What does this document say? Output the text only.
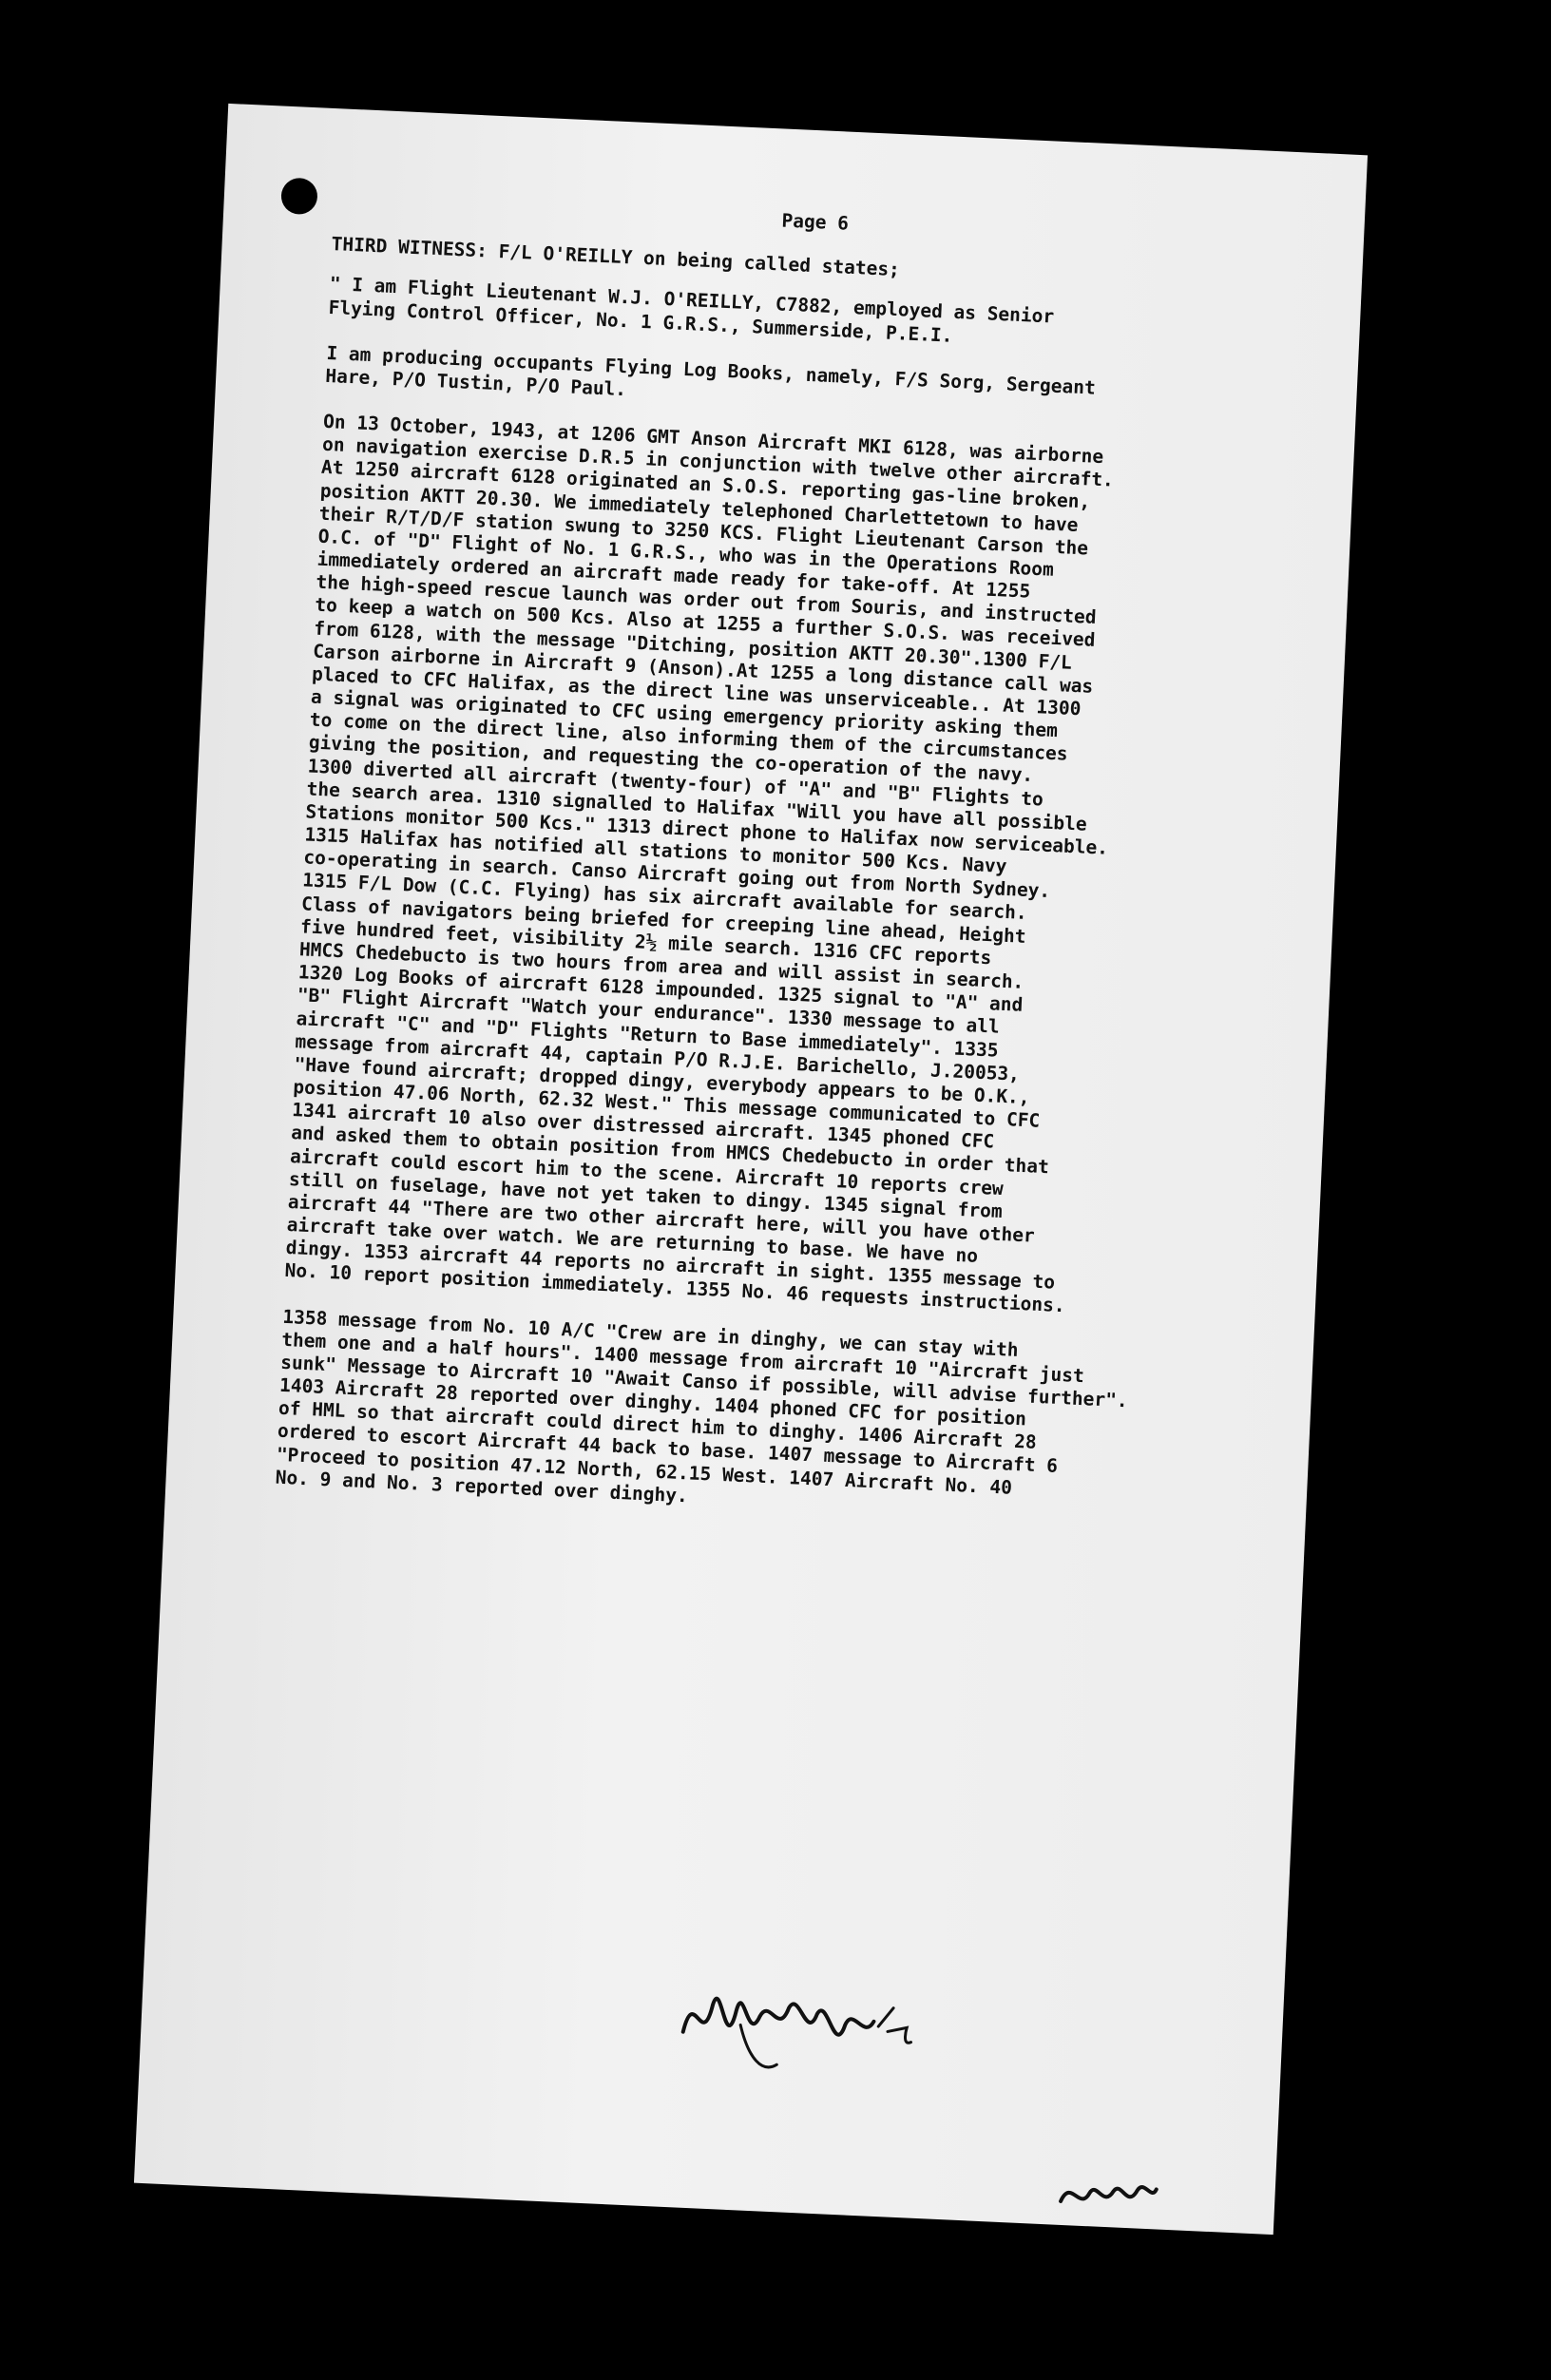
Page 6
THIRD WITNESS: F/L O'REILLY on being called states;

" I am Flight Lieutenant W.J. O'REILLY, C7882, employed as Senior
Flying Control Officer, No. 1 G.R.S., Summerside, P.E.I.

I am producing occupants Flying Log Books, namely, F/S Sorg, Sergeant
Hare, P/O Tustin, P/O Paul.

On 13 October, 1943, at 1206 GMT Anson Aircraft MKI 6128, was airborne
on navigation exercise D.R.5 in conjunction with twelve other aircraft.
At 1250 aircraft 6128 originated an S.O.S. reporting gas-line broken,
position AKTT 20.30. We immediately telephoned Charlettetown to have
their R/T/D/F station swung to 3250 KCS. Flight Lieutenant Carson the
O.C. of "D" Flight of No. 1 G.R.S., who was in the Operations Room
immediately ordered an aircraft made ready for take-off. At 1255
the high-speed rescue launch was order out from Souris, and instructed
to keep a watch on 500 Kcs. Also at 1255 a further S.O.S. was received
from 6128, with the message "Ditching, position AKTT 20.30".1300 F/L
Carson airborne in Aircraft 9 (Anson).At 1255 a long distance call was
placed to CFC Halifax, as the direct line was unserviceable.. At 1300
a signal was originated to CFC using emergency priority asking them
to come on the direct line, also informing them of the circumstances
giving the position, and requesting the co-operation of the navy.
1300 diverted all aircraft (twenty-four) of "A" and "B" Flights to
the search area. 1310 signalled to Halifax "Will you have all possible
Stations monitor 500 Kcs." 1313 direct phone to Halifax now serviceable.
1315 Halifax has notified all stations to monitor 500 Kcs. Navy
co-operating in search. Canso Aircraft going out from North Sydney.
1315 F/L Dow (C.C. Flying) has six aircraft available for search.
Class of navigators being briefed for creeping line ahead, Height
five hundred feet, visibility 2½ mile search. 1316 CFC reports
HMCS Chedebucto is two hours from area and will assist in search.
1320 Log Books of aircraft 6128 impounded. 1325 signal to "A" and
"B" Flight Aircraft "Watch your endurance". 1330 message to all
aircraft "C" and "D" Flights "Return to Base immediately". 1335
message from aircraft 44, captain P/O R.J.E. Barichello, J.20053,
"Have found aircraft; dropped dingy, everybody appears to be O.K.,
position 47.06 North, 62.32 West." This message communicated to CFC
1341 aircraft 10 also over distressed aircraft. 1345 phoned CFC
and asked them to obtain position from HMCS Chedebucto in order that
aircraft could escort him to the scene. Aircraft 10 reports crew
still on fuselage, have not yet taken to dingy. 1345 signal from
aircraft 44 "There are two other aircraft here, will you have other
aircraft take over watch. We are returning to base. We have no
dingy. 1353 aircraft 44 reports no aircraft in sight. 1355 message to
No. 10 report position immediately. 1355 No. 46 requests instructions.

1358 message from No. 10 A/C "Crew are in dinghy, we can stay with
them one and a half hours". 1400 message from aircraft 10 "Aircraft just
sunk" Message to Aircraft 10 "Await Canso if possible, will advise further".
1403 Aircraft 28 reported over dinghy. 1404 phoned CFC for position
of HML so that aircraft could direct him to dinghy. 1406 Aircraft 28
ordered to escort Aircraft 44 back to base. 1407 message to Aircraft 6
"Proceed to position 47.12 North, 62.15 West. 1407 Aircraft No. 40
No. 9 and No. 3 reported over dinghy.
